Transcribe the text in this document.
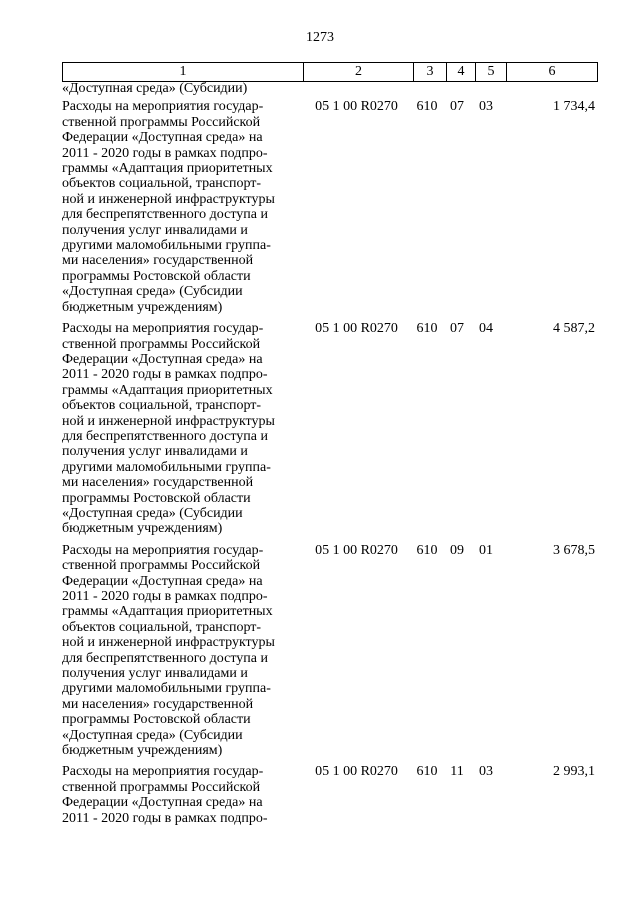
1273
1	2	3	4	5	6
«Доступная среда» (Субсидии)
Расходы на мероприятия государ-
ственной программы Российской
Федерации «Доступная среда» на
2011 - 2020 годы в рамках подпро-
граммы «Адаптация приоритетных
объектов социальной, транспорт-
ной и инженерной инфраструктуры
для беспрепятственного доступа и
получения услуг инвалидами и
другими маломобильными группа-
ми населения» государственной
программы Ростовской области
«Доступная среда» (Субсидии
бюджетным учреждениям)
05 1 00 R0270	610 07	03	1 734,4
Расходы на мероприятия государ-
ственной программы Российской
Федерации «Доступная среда» на
2011 - 2020 годы в рамках подпро-
граммы «Адаптация приоритетных
объектов социальной, транспорт-
ной и инженерной инфраструктуры
для беспрепятственного доступа и
получения услуг инвалидами и
другими маломобильными группа-
ми населения» государственной
программы Ростовской области
«Доступная среда» (Субсидии
бюджетным учреждениям)
05 1 00 R0270	610 07	04	4 587,2
Расходы на мероприятия государ-
ственной программы Российской
Федерации «Доступная среда» на
2011 - 2020 годы в рамках подпро-
граммы «Адаптация приоритетных
объектов социальной, транспорт-
ной и инженерной инфраструктуры
для беспрепятственного доступа и
получения услуг инвалидами и
другими маломобильными группа-
ми населения» государственной
программы Ростовской области
«Доступная среда» (Субсидии
бюджетным учреждениям)
05 1 00 R0270	610 09	01	3 678,5
Расходы на мероприятия государ-
ственной программы Российской
Федерации «Доступная среда» на
2011 - 2020 годы в рамках подпро-
05 1 00 R0270	610 11	03	2 993,1
